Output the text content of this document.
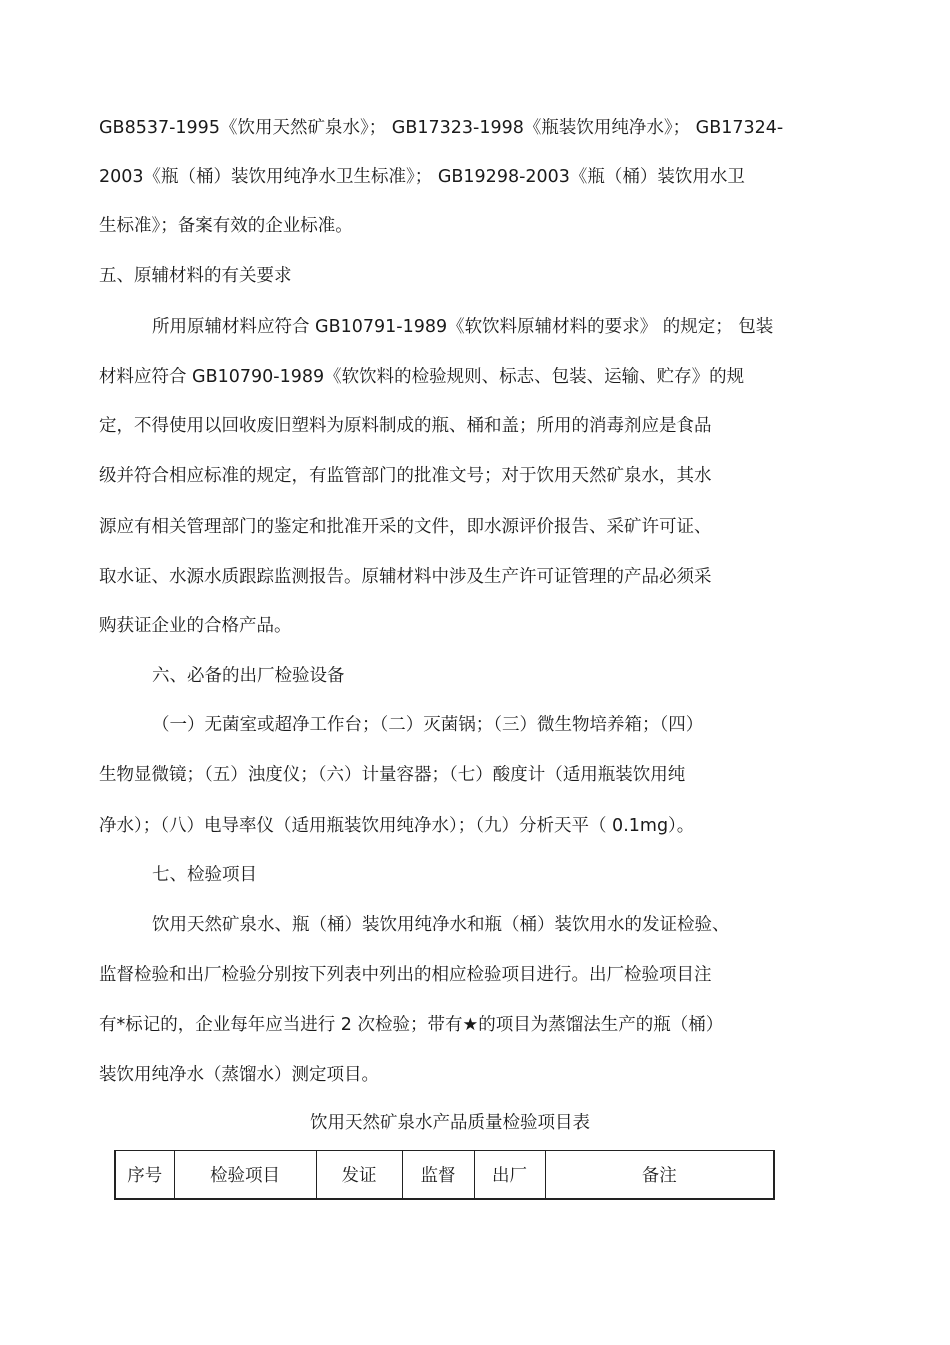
GB8537-1995《饮用天然矿泉水》； GB17323-1998《瓶装饮用纯净水》； GB17324-
2003《瓶（桶）装饮用纯净水卫生标准》； GB19298-2003《瓶（桶）装饮用水卫
生标准》；备案有效的企业标准。
五、原辅材料的有关要求
所用原辅材料应符合 GB10791-1989《软饮料原辅材料的要求》 的规定； 包装
材料应符合 GB10790-1989《软饮料的检验规则、标志、包装、运输、贮存》的规
定，不得使用以回收废旧塑料为原料制成的瓶、桶和盖；所用的消毒剂应是食品
级并符合相应标准的规定，有监管部门的批准文号；对于饮用天然矿泉水，其水
源应有相关管理部门的鉴定和批准开采的文件，即水源评价报告、采矿许可证、
取水证、水源水质跟踪监测报告。原辅材料中涉及生产许可证管理的产品必须采
购获证企业的合格产品。
六、必备的出厂检验设备
（一）无菌室或超净工作台；（二）灭菌锅；（三）微生物培养箱；（四）
生物显微镜；（五）浊度仪；（六）计量容器；（七）酸度计（适用瓶装饮用纯
净水）；（八）电导率仪（适用瓶装饮用纯净水）；（九）分析天平（ 0.1mg）。
七、检验项目
饮用天然矿泉水、瓶（桶）装饮用纯净水和瓶（桶）装饮用水的发证检验、
监督检验和出厂检验分别按下列表中列出的相应检验项目进行。出厂检验项目注
有*标记的，企业每年应当进行 2 次检验；带有★的项目为蒸馏法生产的瓶（桶）
装饮用纯净水（蒸馏水）测定项目。
饮用天然矿泉水产品质量检验项目表
序号	检验项目	发证	监督	出厂	备注
